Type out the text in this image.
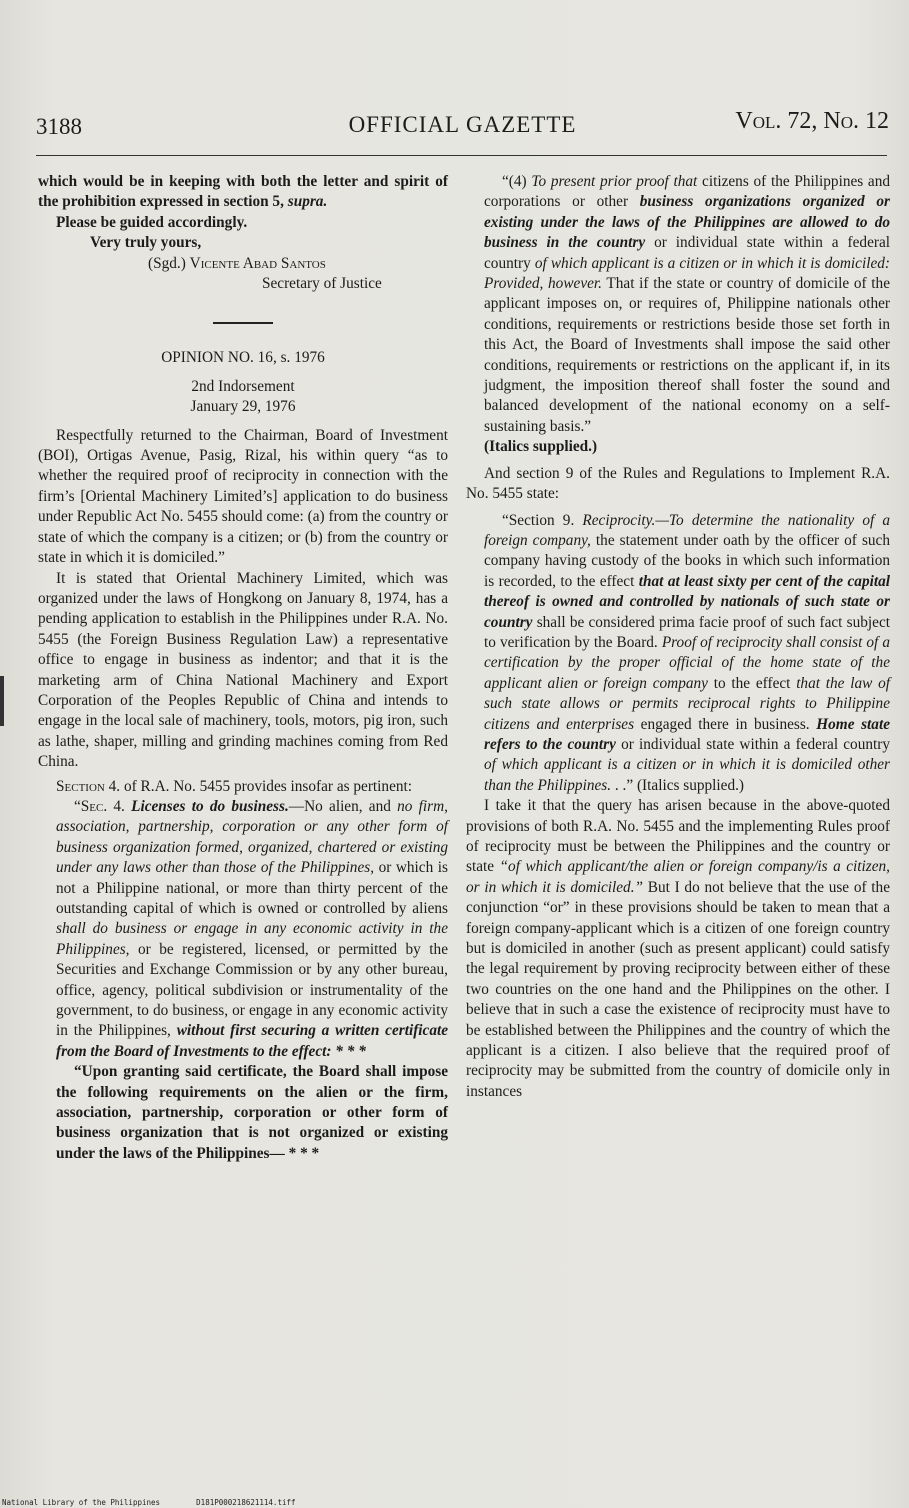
3188	OFFICIAL GAZETTE	Vol. 72, No. 12

which would be in keeping with both the letter and spirit of the prohibition expressed in section 5, supra.

Please be guided accordingly.

Very truly yours,

(Sgd.) Vicente Abad Santos

Secretary of Justice

OPINION NO. 16, s. 1976

2nd Indorsement

January 29, 1976

Respectfully returned to the Chairman, Board of Investment (BOI), Ortigas Avenue, Pasig, Rizal, his within query “as to whether the required proof of reciprocity in connection with the firm’s [Oriental Machinery Limited’s] application to do business under Republic Act No. 5455 should come: (a) from the country or state of which the company is a citizen; or (b) from the country or state in which it is domiciled.”

It is stated that Oriental Machinery Limited, which was organized under the laws of Hongkong on January 8, 1974, has a pending application to establish in the Philippines under R.A. No. 5455 (the Foreign Business Regulation Law) a representative office to engage in business as indentor; and that it is the marketing arm of China National Machinery and Export Corporation of the Peoples Republic of China and intends to engage in the local sale of machinery, tools, motors, pig iron, such as lathe, shaper, milling and grinding machines coming from Red China.

Section 4. of R.A. No. 5455 provides insofar as pertinent:

“Sec. 4. Licenses to do business.—No alien, and no firm, association, partnership, corporation or any other form of business organization formed, organized, chartered or existing under any laws other than those of the Philippines, or which is not a Philippine national, or more than thirty percent of the outstanding capital of which is owned or controlled by aliens shall do business or engage in any economic activity in the Philippines, or be registered, licensed, or permitted by the Securities and Exchange Commission or by any other bureau, office, agency, political subdivision or instrumentality of the government, to do business, or engage in any economic activity in the Philippines, without first securing a written certificate from the Board of Investments to the effect: * * *

“Upon granting said certificate, the Board shall impose the following requirements on the alien or the firm, association, partnership, corporation or other form of business organization that is not organized or existing under the laws of the Philippines— * * *

“(4) To present prior proof that citizens of the Philippines and corporations or other business organizations organized or existing under the laws of the Philippines are allowed to do business in the country or individual state within a federal country of which applicant is a citizen or in which it is domiciled: Provided, however. That if the state or country of domicile of the applicant imposes on, or requires of, Philippine nationals other conditions, requirements or restrictions beside those set forth in this Act, the Board of Investments shall impose the said other conditions, requirements or restrictions on the applicant if, in its judgment, the imposition thereof shall foster the sound and balanced development of the national economy on a self-sustaining basis.”

(Italics supplied.)

And section 9 of the Rules and Regulations to Implement R.A. No. 5455 state:

“Section 9. Reciprocity.—To determine the nationality of a foreign company, the statement under oath by the officer of such company having custody of the books in which such information is recorded, to the effect that at least sixty per cent of the capital thereof is owned and controlled by nationals of such state or country shall be considered prima facie proof of such fact subject to verification by the Board. Proof of reciprocity shall consist of a certification by the proper official of the home state of the applicant alien or foreign company to the effect that the law of such state allows or permits reciprocal rights to Philippine citizens and enterprises engaged there in business. Home state refers to the country or individual state within a federal country of which applicant is a citizen or in which it is domiciled other than the Philippines. . .” (Italics supplied.)

I take it that the query has arisen because in the above-quoted provisions of both R.A. No. 5455 and the implementing Rules proof of reciprocity must be between the Philippines and the country or state “of which applicant/the alien or foreign company/is a citizen, or in which it is domiciled.” But I do not believe that the use of the conjunction “or” in these provisions should be taken to mean that a foreign company-applicant which is a citizen of one foreign country but is domiciled in another (such as present applicant) could satisfy the legal requirement by proving reciprocity between either of these two countries on the one hand and the Philippines on the other. I believe that in such a case the existence of reciprocity must have to be established between the Philippines and the country of which the applicant is a citizen. I also believe that the required proof of reciprocity may be submitted from the country of domicile only in instances

National Library of the Philippines	D181P000218621114.tiff
